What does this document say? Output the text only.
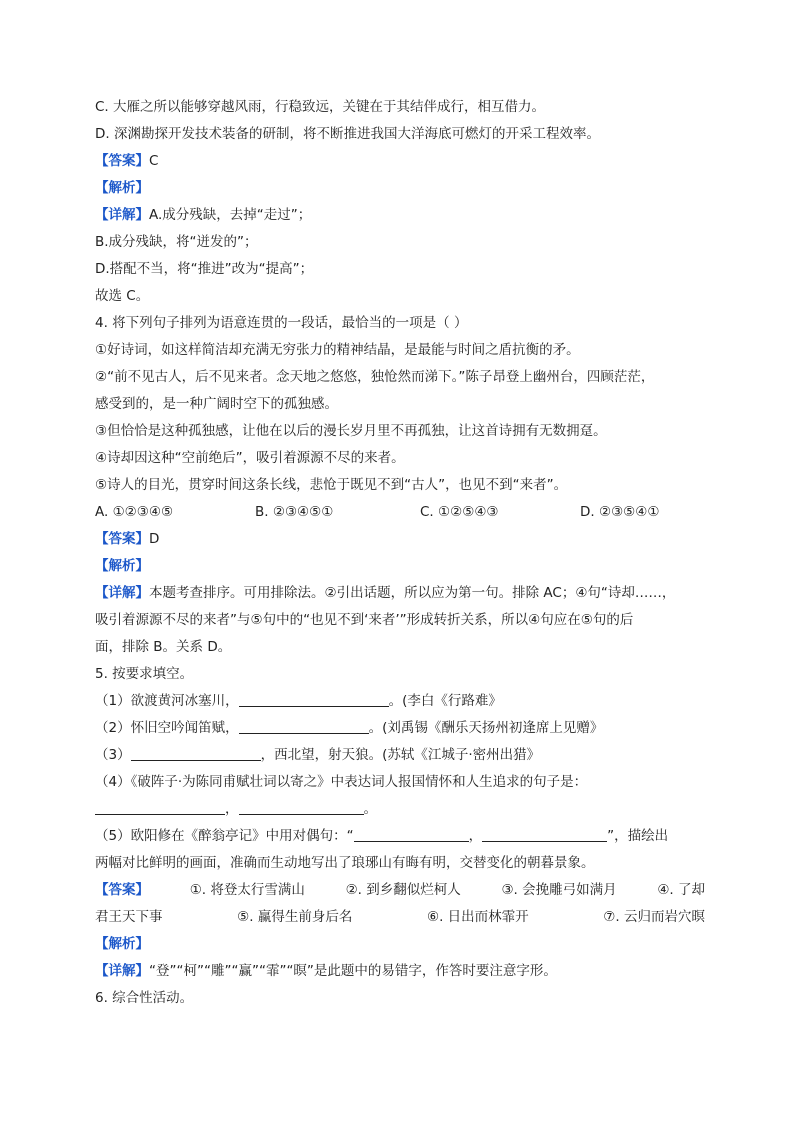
C. 大雁之所以能够穿越风雨，行稳致远，关键在于其结伴成行，相互借力。
D. 深渊勘探开发技术装备的研制，将不断推进我国大洋海底可燃灯的开采工程效率。
【答案】C
【解析】
【详解】A.成分残缺，去掉“走过”；
B.成分残缺，将“迸发的”；
D.搭配不当，将“推进”改为“提高”；
故选 C。
4. 将下列句子排列为语意连贯的一段话，最恰当的一项是（ ）
①好诗词，如这样简洁却充满无穷张力的精神结晶，是最能与时间之盾抗衡的矛。
②“前不见古人，后不见来者。念天地之悠悠，独怆然而涕下。”陈子昂登上幽州台，四顾茫茫，
感受到的，是一种广阔时空下的孤独感。
③但恰恰是这种孤独感，让他在以后的漫长岁月里不再孤独，让这首诗拥有无数拥趸。
④诗却因这种“空前绝后”，吸引着源源不尽的来者。
⑤诗人的目光，贯穿时间这条长线，悲怆于既见不到“古人”，也见不到“来者”。
A. ①②③④⑤	B. ②③④⑤①	C. ①②⑤④③	D. ②③⑤④①
【答案】D
【解析】
【详解】本题考查排序。可用排除法。②引出话题，所以应为第一句。排除 AC；④句“诗却……，
吸引着源源不尽的来者”与⑤句中的“也见不到‘来者’”形成转折关系，所以④句应在⑤句的后
面，排除 B。关系 D。
5. 按要求填空。
（1）欲渡黄河冰塞川，	。(李白《行路难》
（2）怀旧空吟闻笛赋，	。(刘禹锡《酬乐天扬州初逢席上见赠》
（3）	，西北望，射天狼。(苏轼《江城子·密州出猎》
（4）《破阵子·为陈同甫赋壮词以寄之》中表达词人报国情怀和人生追求的句子是：
，	。
（5）欧阳修在《醉翁亭记》中用对偶句：“	，	”，描绘出
两幅对比鲜明的画面，准确而生动地写出了琅琊山有晦有明，交替变化的朝暮景象。
【答案】	①. 将登太行雪满山	②. 到乡翻似烂柯人	③. 会挽雕弓如满月	④. 了却
君王天下事	⑤. 赢得生前身后名	⑥. 日出而林霏开	⑦. 云归而岩穴暝
【解析】
【详解】“登”“柯”“雕”“赢”“霏”“暝”是此题中的易错字，作答时要注意字形。
6. 综合性活动。
